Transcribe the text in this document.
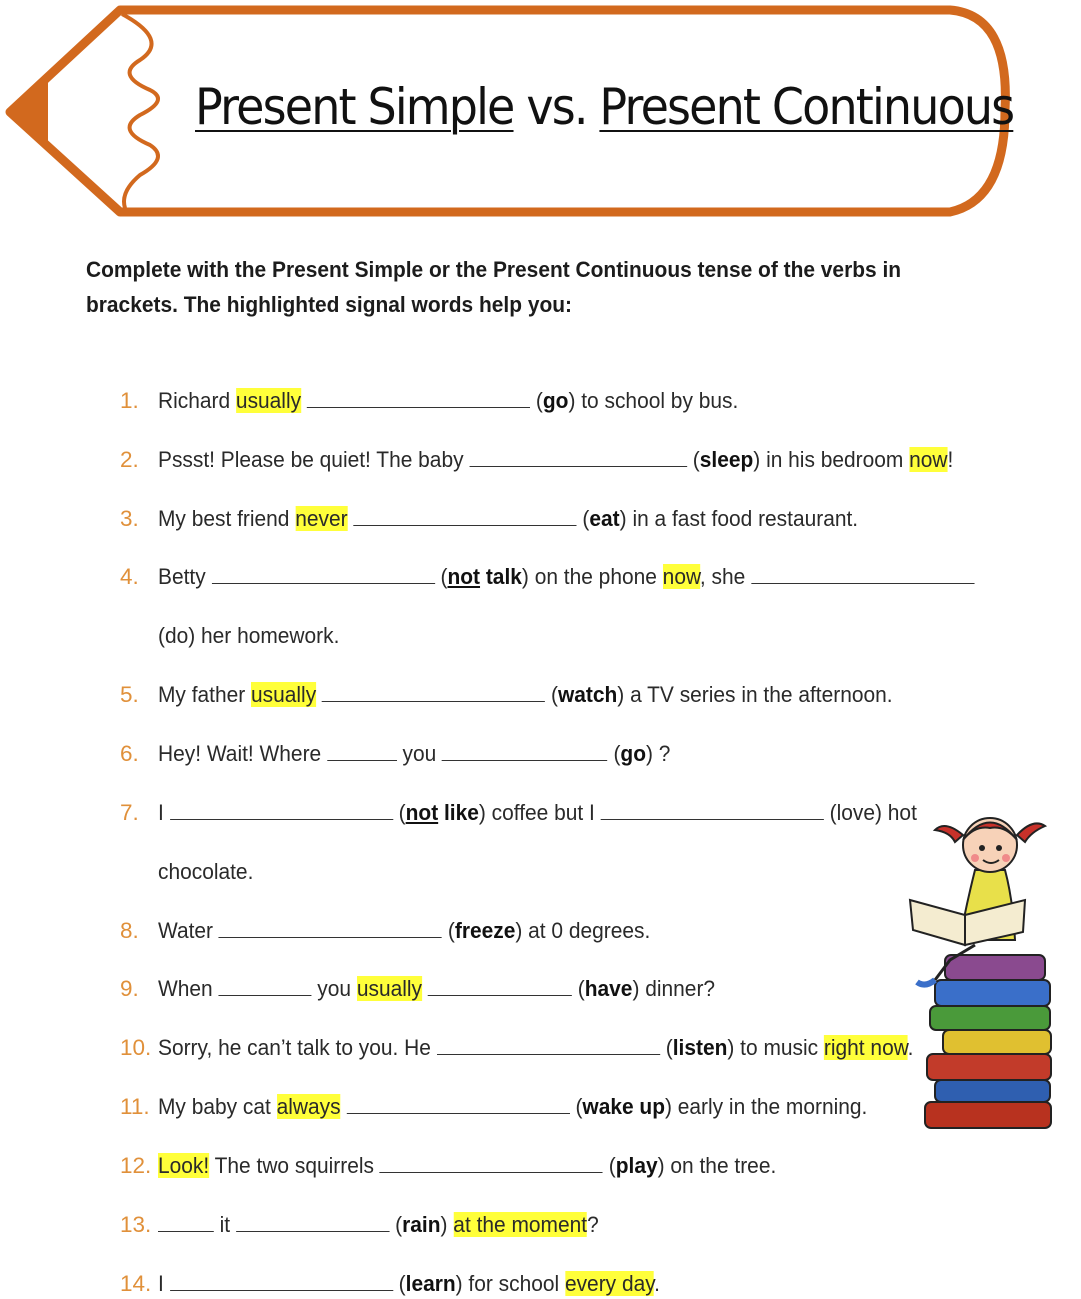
Present Simple vs. Present Continuous
Complete with the Present Simple or the Present Continuous tense of the verbs in brackets. The highlighted signal words help you:
1. Richard usually	(go) to school by bus.
2. Pssst! Please be quiet! The baby	(sleep) in his bedroom now!
3. My best friend never	(eat) in a fast food restaurant.
4. Betty	(not talk) on the phone now, she
(do) her homework.
5. My father usually	(watch) a TV series in the afternoon.
6. Hey! Wait! Where	you	(go) ?
7. I	(not like) coffee but I	(love) hot
chocolate.
8. Water	(freeze) at 0 degrees.
9. When	you usually	(have) dinner?
10. Sorry, he can’t talk to you. He	(listen) to music right now.
11. My baby cat always	(wake up) early in the morning.
12. Look! The two squirrels	(play) on the tree.
13.	it	(rain) at the moment?
14. I	(learn) for school every day.
